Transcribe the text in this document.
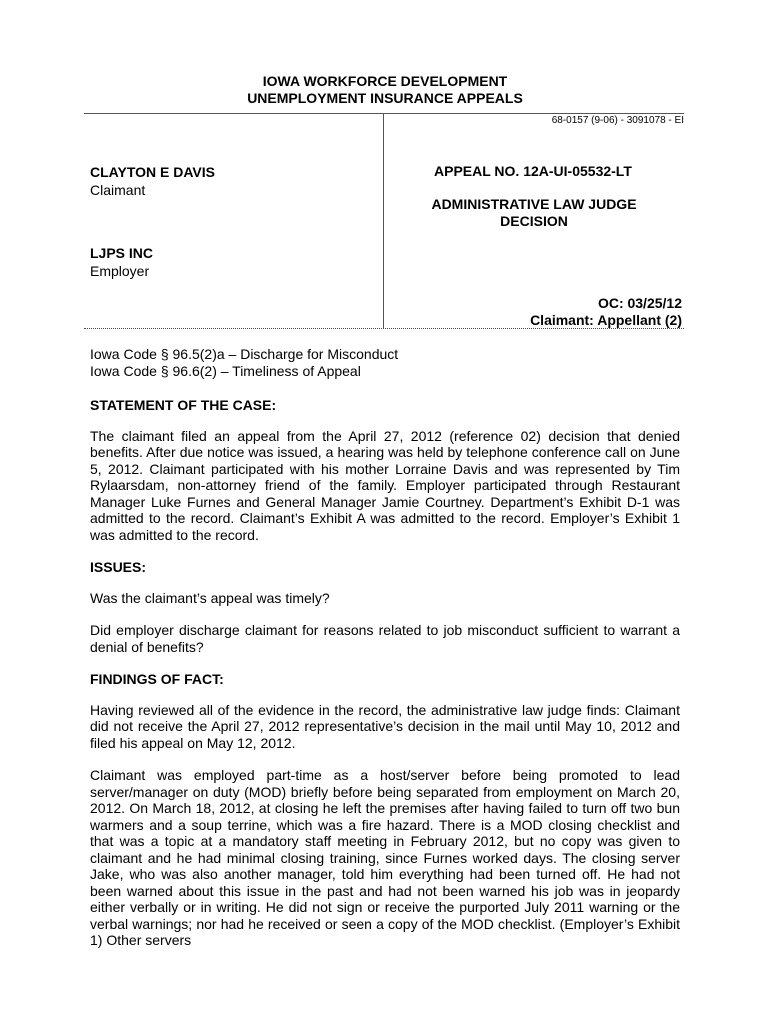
IOWA WORKFORCE DEVELOPMENT
UNEMPLOYMENT INSURANCE APPEALS
68-0157 (9-06) - 3091078 - EI
CLAYTON E DAVIS
Claimant
LJPS INC
Employer
APPEAL NO. 12A-UI-05532-LT
ADMINISTRATIVE LAW JUDGE
DECISION
OC: 03/25/12
Claimant: Appellant (2)

Iowa Code § 96.5(2)a – Discharge for Misconduct
Iowa Code § 96.6(2) – Timeliness of Appeal

STATEMENT OF THE CASE:

The claimant filed an appeal from the April 27, 2012 (reference 02) decision that denied benefits. After due notice was issued, a hearing was held by telephone conference call on June 5, 2012. Claimant participated with his mother Lorraine Davis and was represented by Tim Rylaarsdam, non-attorney friend of the family. Employer participated through Restaurant Manager Luke Furnes and General Manager Jamie Courtney. Department’s Exhibit D-1 was admitted to the record. Claimant’s Exhibit A was admitted to the record. Employer’s Exhibit 1 was admitted to the record.

ISSUES:

Was the claimant’s appeal was timely?

Did employer discharge claimant for reasons related to job misconduct sufficient to warrant a denial of benefits?

FINDINGS OF FACT:

Having reviewed all of the evidence in the record, the administrative law judge finds: Claimant did not receive the April 27, 2012 representative’s decision in the mail until May 10, 2012 and filed his appeal on May 12, 2012.

Claimant was employed part-time as a host/server before being promoted to lead server/manager on duty (MOD) briefly before being separated from employment on March 20, 2012. On March 18, 2012, at closing he left the premises after having failed to turn off two bun warmers and a soup terrine, which was a fire hazard. There is a MOD closing checklist and that was a topic at a mandatory staff meeting in February 2012, but no copy was given to claimant and he had minimal closing training, since Furnes worked days. The closing server Jake, who was also another manager, told him everything had been turned off. He had not been warned about this issue in the past and had not been warned his job was in jeopardy either verbally or in writing. He did not sign or receive the purported July 2011 warning or the verbal warnings; nor had he received or seen a copy of the MOD checklist. (Employer’s Exhibit 1) Other servers
